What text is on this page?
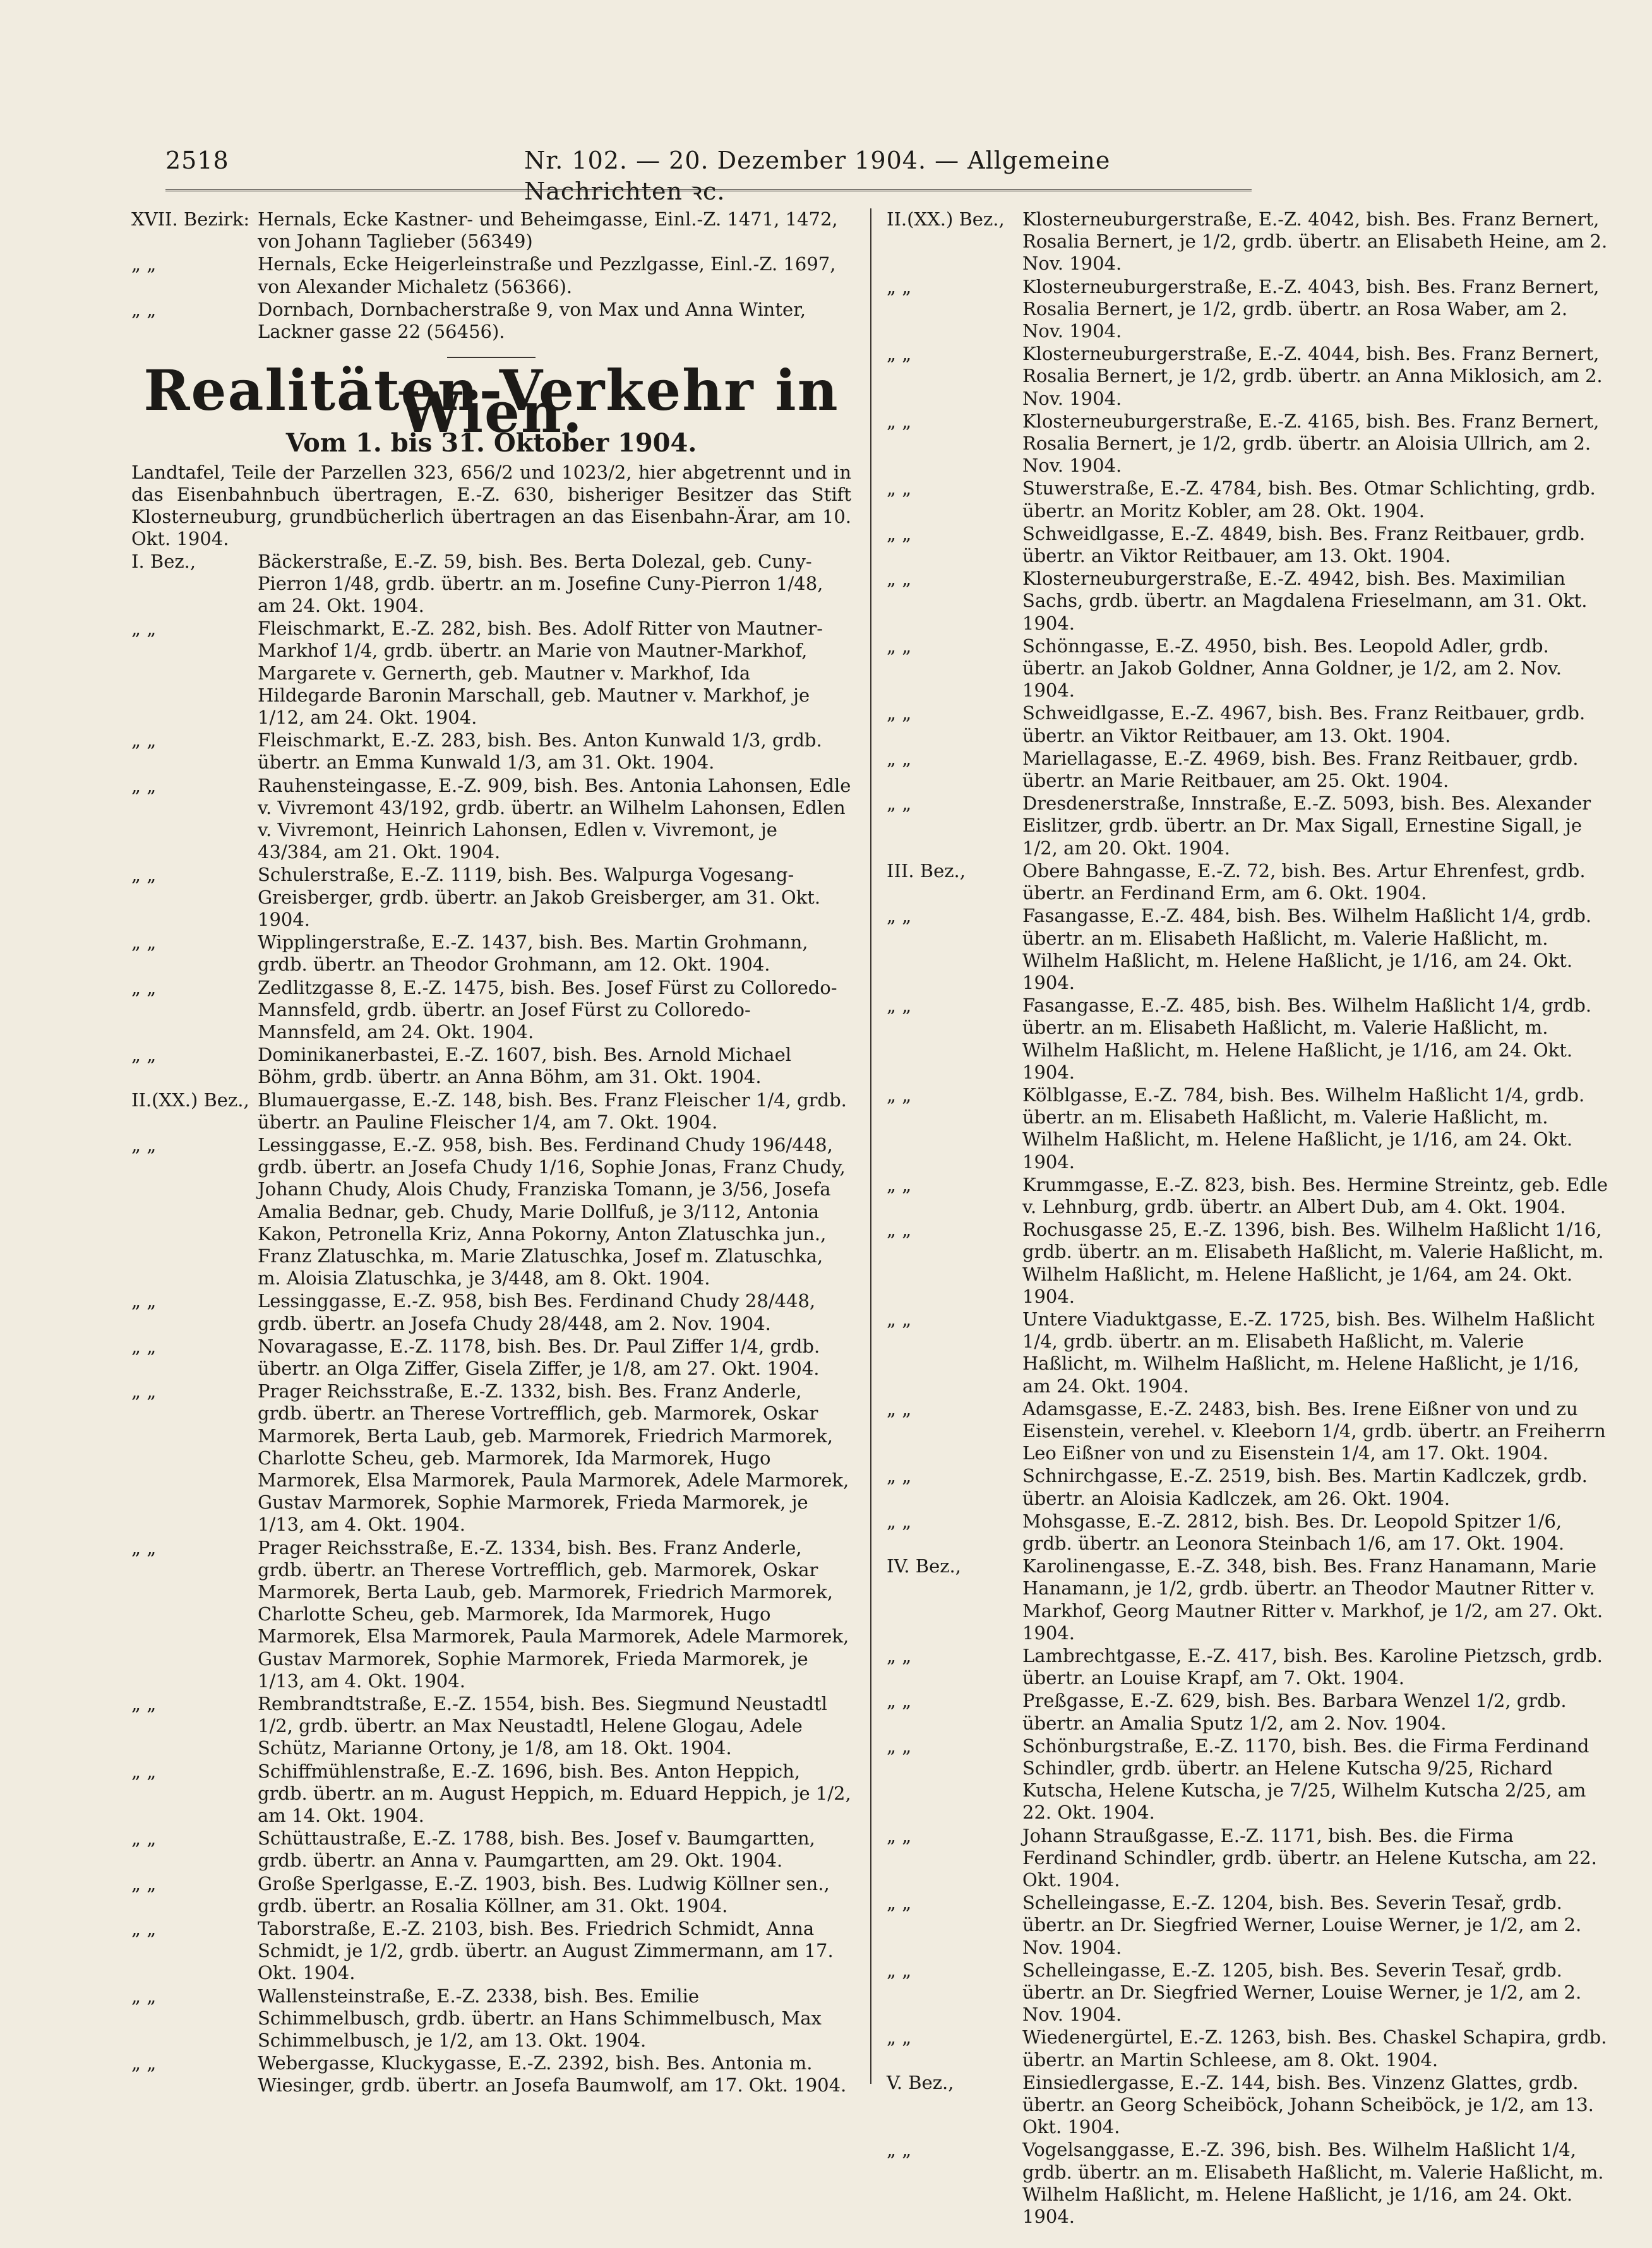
2518	Nr. 102. — 20. Dezember 1904. — Allgemeine Nachrichten ꝛc.
XVII. Bezirk: Hernals, Ecke Kastner- und Beheimgasse, Einl.-Z. 1471, 1472, von Johann Taglieber (56349)
„ „	Hernals, Ecke Heigerleinstraße und Pezzlgasse, Einl.-Z. 1697, von Alexander Michaletz (56366).
„ „	Dornbach, Dornbacherstraße 9, von Max und Anna Winter, Lackner gasse 22 (56456).
Realitäten-Verkehr in Wien.
Vom 1. bis 31. Oktober 1904.
Landtafel, Teile der Parzellen 323, 656/2 und 1023/2, hier abgetrennt und in das Eisenbahnbuch übertragen, E.-Z. 630, bisheriger Besitzer das Stift Klosterneuburg, grundbücherlich übertragen an das Eisenbahn-Ärar, am 10. Okt. 1904.
I. Bez.,	Bäckerstraße, E.-Z. 59, bish. Bes. Berta Dolezal, geb. Cuny-Pierron 1/48, grdb. übertr. an m. Josefine Cuny-Pierron 1/48, am 24. Okt. 1904.
„ „	Fleischmarkt, E.-Z. 282, bish. Bes. Adolf Ritter von Mautner-Markhof 1/4, grdb. übertr. an Marie von Mautner-Markhof, Margarete v. Gernerth, geb. Mautner v. Markhof, Ida Hildegarde Baronin Marschall, geb. Mautner v. Markhof, je 1/12, am 24. Okt. 1904.
„ „	Fleischmarkt, E.-Z. 283, bish. Bes. Anton Kunwald 1/3, grdb. übertr. an Emma Kunwald 1/3, am 31. Okt. 1904.
„ „	Rauhensteingasse, E.-Z. 909, bish. Bes. Antonia Lahonsen, Edle v. Vivremont 43/192, grdb. übertr. an Wilhelm Lahonsen, Edlen v. Vivremont, Heinrich Lahonsen, Edlen v. Vivremont, je 43/384, am 21. Okt. 1904.
„ „	Schulerstraße, E.-Z. 1119, bish. Bes. Walpurga Vogesang-Greisberger, grdb. übertr. an Jakob Greisberger, am 31. Okt. 1904.
„ „	Wipplingerstraße, E.-Z. 1437, bish. Bes. Martin Grohmann, grdb. übertr. an Theodor Grohmann, am 12. Okt. 1904.
„ „	Zedlitzgasse 8, E.-Z. 1475, bish. Bes. Josef Fürst zu Colloredo-Mannsfeld, grdb. übertr. an Josef Fürst zu Colloredo-Mannsfeld, am 24. Okt. 1904.
„ „	Dominikanerbastei, E.-Z. 1607, bish. Bes. Arnold Michael Böhm, grdb. übertr. an Anna Böhm, am 31. Okt. 1904.
II.(XX.) Bez., Blumauergasse, E.-Z. 148, bish. Bes. Franz Fleischer 1/4, grdb. übertr. an Pauline Fleischer 1/4, am 7. Okt. 1904.
„ „	Lessinggasse, E.-Z. 958, bish. Bes. Ferdinand Chudy 196/448, grdb. übertr. an Josefa Chudy 1/16, Sophie Jonas, Franz Chudy, Johann Chudy, Alois Chudy, Franziska Tomann, je 3/56, Josefa Amalia Bednar, geb. Chudy, Marie Dollfuß, je 3/112, Antonia Kakon, Petronella Kriz, Anna Pokorny, Anton Zlatuschka jun., Franz Zlatuschka, m. Marie Zlatuschka, Josef m. Zlatuschka, m. Aloisia Zlatuschka, je 3/448, am 8. Okt. 1904.
„ „	Lessinggasse, E.-Z. 958, bish Bes. Ferdinand Chudy 28/448, grdb. übertr. an Josefa Chudy 28/448, am 2. Nov. 1904.
„ „	Novaragasse, E.-Z. 1178, bish. Bes. Dr. Paul Ziffer 1/4, grdb. übertr. an Olga Ziffer, Gisela Ziffer, je 1/8, am 27. Okt. 1904.
„ „	Prager Reichsstraße, E.-Z. 1332, bish. Bes. Franz Anderle, grdb. übertr. an Therese Vortrefflich, geb. Marmorek, Oskar Marmorek, Berta Laub, geb. Marmorek, Friedrich Marmorek, Charlotte Scheu, geb. Marmorek, Ida Marmorek, Hugo Marmorek, Elsa Marmorek, Paula Marmorek, Adele Marmorek, Gustav Marmorek, Sophie Marmorek, Frieda Marmorek, je 1/13, am 4. Okt. 1904.
„ „	Prager Reichsstraße, E.-Z. 1334, bish. Bes. Franz Anderle, grdb. übertr. an Therese Vortrefflich, geb. Marmorek, Oskar Marmorek, Berta Laub, geb. Marmorek, Friedrich Marmorek, Charlotte Scheu, geb. Marmorek, Ida Marmorek, Hugo Marmorek, Elsa Marmorek, Paula Marmorek, Adele Marmorek, Gustav Marmorek, Sophie Marmorek, Frieda Marmorek, je 1/13, am 4. Okt. 1904.
„ „	Rembrandtstraße, E.-Z. 1554, bish. Bes. Siegmund Neustadtl 1/2, grdb. übertr. an Max Neustadtl, Helene Glogau, Adele Schütz, Marianne Ortony, je 1/8, am 18. Okt. 1904.
„ „	Schiffmühlenstraße, E.-Z. 1696, bish. Bes. Anton Heppich, grdb. übertr. an m. August Heppich, m. Eduard Heppich, je 1/2, am 14. Okt. 1904.
„ „	Schüttaustraße, E.-Z. 1788, bish. Bes. Josef v. Baumgartten, grdb. übertr. an Anna v. Paumgartten, am 29. Okt. 1904.
„ „	Große Sperlgasse, E.-Z. 1903, bish. Bes. Ludwig Köllner sen., grdb. übertr. an Rosalia Köllner, am 31. Okt. 1904.
„ „	Taborstraße, E.-Z. 2103, bish. Bes. Friedrich Schmidt, Anna Schmidt, je 1/2, grdb. übertr. an August Zimmermann, am 17. Okt. 1904.
„ „	Wallensteinstraße, E.-Z. 2338, bish. Bes. Emilie Schimmelbusch, grdb. übertr. an Hans Schimmelbusch, Max Schimmelbusch, je 1/2, am 13. Okt. 1904.
„ „	Webergasse, Kluckygasse, E.-Z. 2392, bish. Bes. Antonia m. Wiesinger, grdb. übertr. an Josefa Baumwolf, am 17. Okt. 1904.
II.(XX.) Bez., Klosterneuburgerstraße, E.-Z. 4042, bish. Bes. Franz Bernert, Rosalia Bernert, je 1/2, grdb. übertr. an Elisabeth Heine, am 2. Nov. 1904.
„ „	Klosterneuburgerstraße, E.-Z. 4043, bish. Bes. Franz Bernert, Rosalia Bernert, je 1/2, grdb. übertr. an Rosa Waber, am 2. Nov. 1904.
„ „	Klosterneuburgerstraße, E.-Z. 4044, bish. Bes. Franz Bernert, Rosalia Bernert, je 1/2, grdb. übertr. an Anna Miklosich, am 2. Nov. 1904.
„ „	Klosterneuburgerstraße, E.-Z. 4165, bish. Bes. Franz Bernert, Rosalia Bernert, je 1/2, grdb. übertr. an Aloisia Ullrich, am 2. Nov. 1904.
„ „	Stuwerstraße, E.-Z. 4784, bish. Bes. Otmar Schlichting, grdb. übertr. an Moritz Kobler, am 28. Okt. 1904.
„ „	Schweidlgasse, E.-Z. 4849, bish. Bes. Franz Reitbauer, grdb. übertr. an Viktor Reitbauer, am 13. Okt. 1904.
„ „	Klosterneuburgerstraße, E.-Z. 4942, bish. Bes. Maximilian Sachs, grdb. übertr. an Magdalena Frieselmann, am 31. Okt. 1904.
„ „	Schönngasse, E.-Z. 4950, bish. Bes. Leopold Adler, grdb. übertr. an Jakob Goldner, Anna Goldner, je 1/2, am 2. Nov. 1904.
„ „	Schweidlgasse, E.-Z. 4967, bish. Bes. Franz Reitbauer, grdb. übertr. an Viktor Reitbauer, am 13. Okt. 1904.
„ „	Mariellagasse, E.-Z. 4969, bish. Bes. Franz Reitbauer, grdb. übertr. an Marie Reitbauer, am 25. Okt. 1904.
„ „	Dresdenerstraße, Innstraße, E.-Z. 5093, bish. Bes. Alexander Eislitzer, grdb. übertr. an Dr. Max Sigall, Ernestine Sigall, je 1/2, am 20. Okt. 1904.
III. Bez.,	Obere Bahngasse, E.-Z. 72, bish. Bes. Artur Ehrenfest, grdb. übertr. an Ferdinand Erm, am 6. Okt. 1904.
„ „	Fasangasse, E.-Z. 484, bish. Bes. Wilhelm Haßlicht 1/4, grdb. übertr. an m. Elisabeth Haßlicht, m. Valerie Haßlicht, m. Wilhelm Haßlicht, m. Helene Haßlicht, je 1/16, am 24. Okt. 1904.
„ „	Fasangasse, E.-Z. 485, bish. Bes. Wilhelm Haßlicht 1/4, grdb. übertr. an m. Elisabeth Haßlicht, m. Valerie Haßlicht, m. Wilhelm Haßlicht, m. Helene Haßlicht, je 1/16, am 24. Okt. 1904.
„ „	Kölblgasse, E.-Z. 784, bish. Bes. Wilhelm Haßlicht 1/4, grdb. übertr. an m. Elisabeth Haßlicht, m. Valerie Haßlicht, m. Wilhelm Haßlicht, m. Helene Haßlicht, je 1/16, am 24. Okt. 1904.
„ „	Krummgasse, E.-Z. 823, bish. Bes. Hermine Streintz, geb. Edle v. Lehnburg, grdb. übertr. an Albert Dub, am 4. Okt. 1904.
„ „	Rochusgasse 25, E.-Z. 1396, bish. Bes. Wilhelm Haßlicht 1/16, grdb. übertr. an m. Elisabeth Haßlicht, m. Valerie Haßlicht, m. Wilhelm Haßlicht, m. Helene Haßlicht, je 1/64, am 24. Okt. 1904.
„ „	Untere Viaduktgasse, E.-Z. 1725, bish. Bes. Wilhelm Haßlicht 1/4, grdb. übertr. an m. Elisabeth Haßlicht, m. Valerie Haßlicht, m. Wilhelm Haßlicht, m. Helene Haßlicht, je 1/16, am 24. Okt. 1904.
„ „	Adamsgasse, E.-Z. 2483, bish. Bes. Irene Eißner von und zu Eisenstein, verehel. v. Kleeborn 1/4, grdb. übertr. an Freiherrn Leo Eißner von und zu Eisenstein 1/4, am 17. Okt. 1904.
„ „	Schnirchgasse, E.-Z. 2519, bish. Bes. Martin Kadlczek, grdb. übertr. an Aloisia Kadlczek, am 26. Okt. 1904.
„ „	Mohsgasse, E.-Z. 2812, bish. Bes. Dr. Leopold Spitzer 1/6, grdb. übertr. an Leonora Steinbach 1/6, am 17. Okt. 1904.
IV. Bez.,	Karolinengasse, E.-Z. 348, bish. Bes. Franz Hanamann, Marie Hanamann, je 1/2, grdb. übertr. an Theodor Mautner Ritter v. Markhof, Georg Mautner Ritter v. Markhof, je 1/2, am 27. Okt. 1904.
„ „	Lambrechtgasse, E.-Z. 417, bish. Bes. Karoline Pietzsch, grdb. übertr. an Louise Krapf, am 7. Okt. 1904.
„ „	Preßgasse, E.-Z. 629, bish. Bes. Barbara Wenzel 1/2, grdb. übertr. an Amalia Sputz 1/2, am 2. Nov. 1904.
„ „	Schönburgstraße, E.-Z. 1170, bish. Bes. die Firma Ferdinand Schindler, grdb. übertr. an Helene Kutscha 9/25, Richard Kutscha, Helene Kutscha, je 7/25, Wilhelm Kutscha 2/25, am 22. Okt. 1904.
„ „	Johann Straußgasse, E.-Z. 1171, bish. Bes. die Firma Ferdinand Schindler, grdb. übertr. an Helene Kutscha, am 22. Okt. 1904.
„ „	Schelleingasse, E.-Z. 1204, bish. Bes. Severin Tesař, grdb. übertr. an Dr. Siegfried Werner, Louise Werner, je 1/2, am 2. Nov. 1904.
„ „	Schelleingasse, E.-Z. 1205, bish. Bes. Severin Tesař, grdb. übertr. an Dr. Siegfried Werner, Louise Werner, je 1/2, am 2. Nov. 1904.
„ „	Wiedenergürtel, E.-Z. 1263, bish. Bes. Chaskel Schapira, grdb. übertr. an Martin Schleese, am 8. Okt. 1904.
V. Bez.,	Einsiedlergasse, E.-Z. 144, bish. Bes. Vinzenz Glattes, grdb. übertr. an Georg Scheiböck, Johann Scheiböck, je 1/2, am 13. Okt. 1904.
„ „	Vogelsanggasse, E.-Z. 396, bish. Bes. Wilhelm Haßlicht 1/4, grdb. übertr. an m. Elisabeth Haßlicht, m. Valerie Haßlicht, m. Wilhelm Haßlicht, m. Helene Haßlicht, je 1/16, am 24. Okt. 1904.
